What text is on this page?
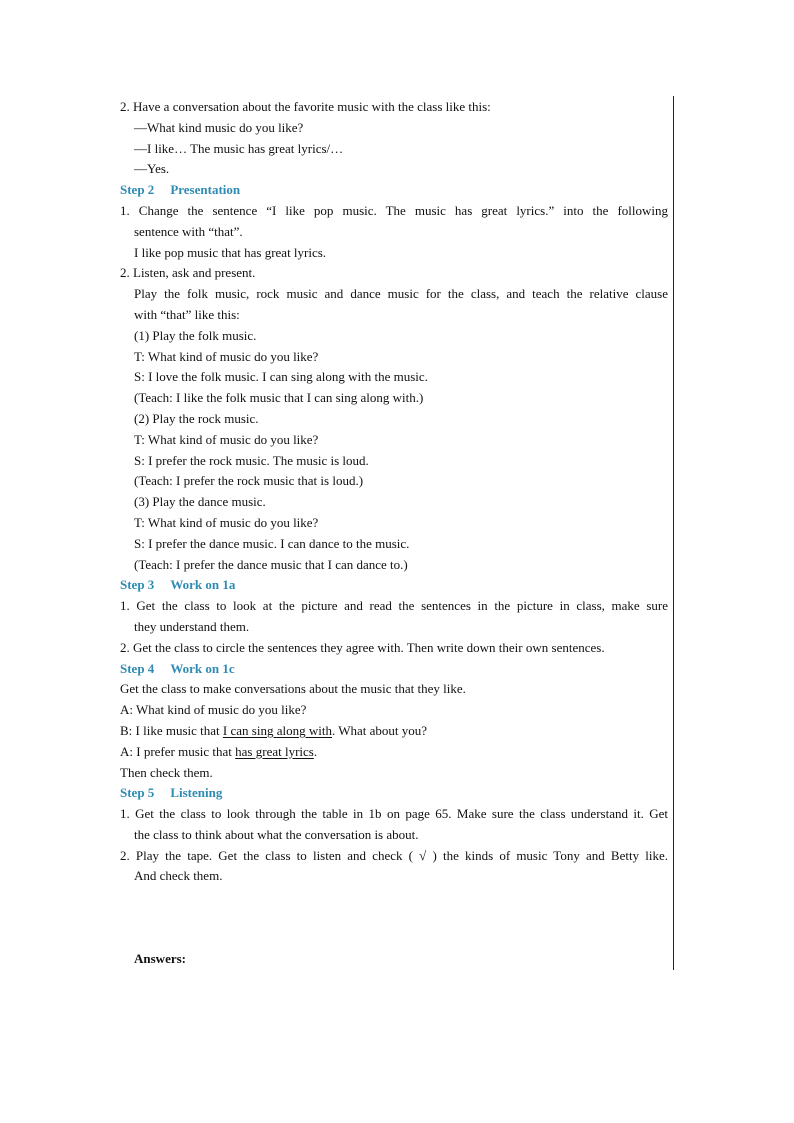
2. Have a conversation about the favorite music with the class like this:
—What kind music do you like?
—I like… The music has great lyrics/…
—Yes.
Step 2 Presentation
1. Change the sentence “I like pop music. The music has great lyrics.” into the following
sentence with “that”.
I like pop music that has great lyrics.
2. Listen, ask and present.
Play the folk music, rock music and dance music for the class, and teach the relative clause
with “that” like this:
(1) Play the folk music.
T: What kind of music do you like?
S: I love the folk music. I can sing along with the music.
(Teach: I like the folk music that I can sing along with.)
(2) Play the rock music.
T: What kind of music do you like?
S: I prefer the rock music. The music is loud.
(Teach: I prefer the rock music that is loud.)
(3) Play the dance music.
T: What kind of music do you like?
S: I prefer the dance music. I can dance to the music.
(Teach: I prefer the dance music that I can dance to.)
Step 3 Work on 1a
1. Get the class to look at the picture and read the sentences in the picture in class, make sure
they understand them.
2. Get the class to circle the sentences they agree with. Then write down their own sentences.
Step 4 Work on 1c
Get the class to make conversations about the music that they like.
A: What kind of music do you like?
B: I like music that I can sing along with. What about you?
A: I prefer music that has great lyrics.
Then check them.
Step 5 Listening
1. Get the class to look through the table in 1b on page 65. Make sure the class understand it. Get
the class to think about what the conversation is about.
2. Play the tape. Get the class to listen and check ( √ ) the kinds of music Tony and Betty like.
And check them.
Answers:
